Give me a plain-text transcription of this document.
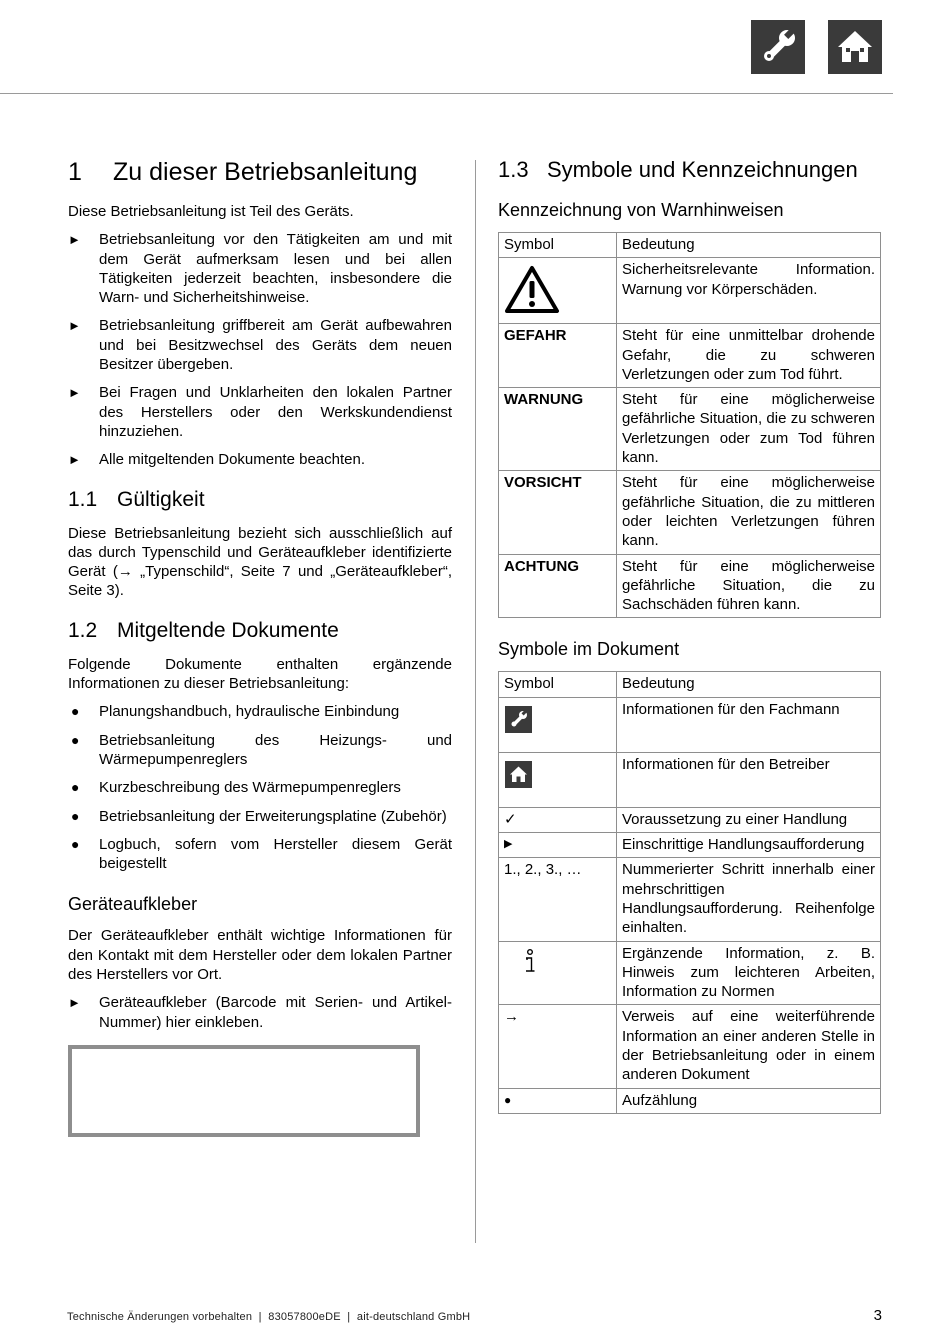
1 Zu dieser Betriebsanleitung

Diese Betriebsanleitung ist Teil des Geräts.

► Betriebsanleitung vor den Tätigkeiten am und mit dem Gerät aufmerksam lesen und bei allen Tätigkeiten jederzeit beachten, insbesondere die Warn- und Sicherheitshinweise.
► Betriebsanleitung griffbereit am Gerät aufbewahren und bei Besitzwechsel des Geräts dem neuen Besitzer übergeben.
► Bei Fragen und Unklarheiten den lokalen Partner des Herstellers oder den Werkskundendienst hinzuziehen.
► Alle mitgeltenden Dokumente beachten.
1.1 Gültigkeit

Diese Betriebsanleitung bezieht sich ausschließlich auf das durch Typenschild und Geräteaufkleber identifizierte Gerät (→ „Typenschild“, Seite 7 und „Geräteaufkleber“, Seite 3).

1.2 Mitgeltende Dokumente

Folgende Dokumente enthalten ergänzende Informationen zu dieser Betriebsanleitung:

● Planungshandbuch, hydraulische Einbindung
● Betriebsanleitung des Heizungs- und Wärmepumpenreglers
● Kurzbeschreibung des Wärmepumpenreglers
● Betriebsanleitung der Erweiterungsplatine (Zubehör)
● Logbuch, sofern vom Hersteller diesem Gerät beigestellt
Geräteaufkleber

Der Geräteaufkleber enthält wichtige Informationen für den Kontakt mit dem Hersteller oder dem lokalen Partner des Herstellers vor Ort.

► Geräteaufkleber (Barcode mit Serien- und Artikel-Nummer) hier einkleben.
1.3 Symbole und Kennzeichnungen
Kennzeichnung von Warnhinweisen
Symbol	Bedeutung

	Sicherheitsrelevante Information. Warnung vor Körperschäden.
GEFAHR	Steht für eine unmittelbar drohende Gefahr, die zu schweren Verletzungen oder zum Tod führt.
WARNUNG	Steht für eine möglicherweise gefährliche Situation, die zu schweren Verletzungen oder zum Tod führen kann.
VORSICHT	Steht für eine möglicherweise gefährliche Situation, die zu mittleren oder leichten Verletzungen führen kann.
ACHTUNG	Steht für eine möglicherweise gefährliche Situation, die zu Sachschäden führen kann.
Symbole im Dokument
Symbol	Bedeutung

	Informationen für den Fachmann

	Informationen für den Betreiber
✓	Voraussetzung zu einer Handlung
▶	Einschrittige Handlungsaufforderung
1., 2., 3., …	Nummerierter Schritt innerhalb einer mehrschrittigen Handlungsaufforderung. Reihenfolge einhalten.

	Ergänzende Information, z. B. Hinweis zum leichteren Arbeiten, Information zu Normen
→	Verweis auf eine weiterführende Information an einer anderen Stelle in der Betriebsanleitung oder in einem anderen Dokument
●	Aufzählung
Technische Änderungen vorbehalten  |  83057800eDE  |  ait-deutschland GmbH	3
